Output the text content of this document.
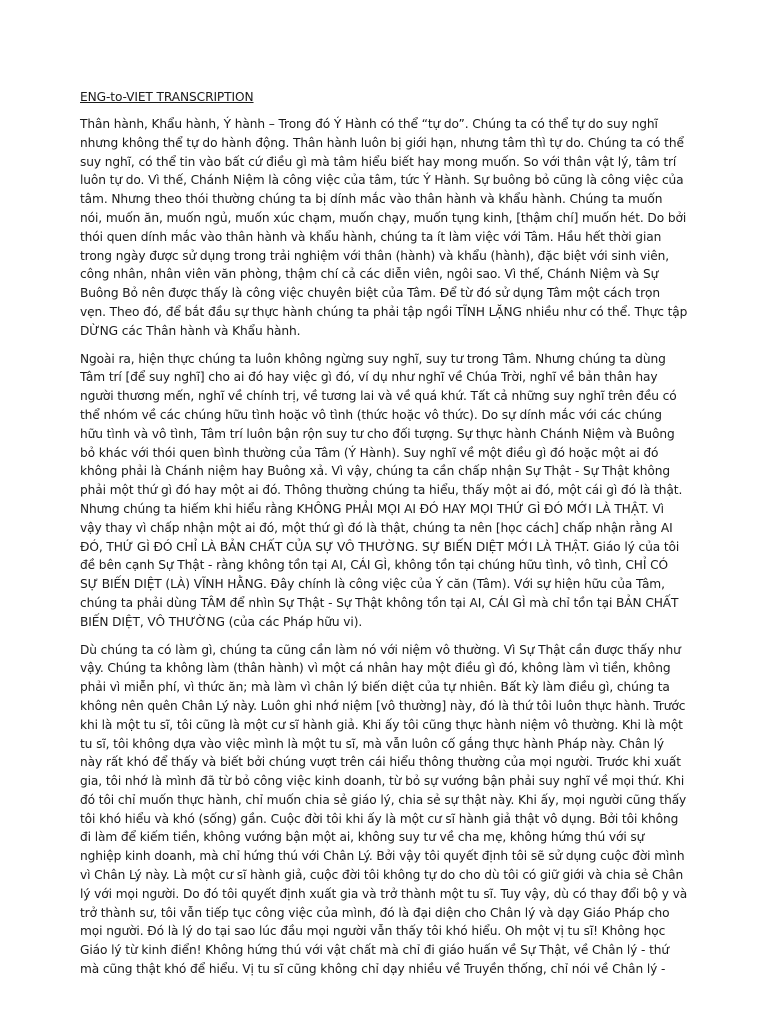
ENG-to-VIET TRANSCRIPTION

Thân hành, Khẩu hành, Ý hành – Trong đó Ý Hành có thể “tự do”. Chúng ta có thể tự do suy nghĩ nhưng không thể tự do hành động. Thân hành luôn bị giới hạn, nhưng tâm thì tự do. Chúng ta có thể suy nghĩ, có thể tin vào bất cứ điều gì mà tâm hiểu biết hay mong muốn. So với thân vật lý, tâm trí luôn tự do. Vì thế, Chánh Niệm là công việc của tâm, tức Ý Hành. Sự buông bỏ cũng là công việc của tâm. Nhưng theo thói thường chúng ta bị dính mắc vào thân hành và khẩu hành. Chúng ta muốn nói, muốn ăn, muốn ngủ, muốn xúc chạm, muốn chạy, muốn tụng kinh, [thậm chí] muốn hét. Do bởi thói quen dính mắc vào thân hành và khẩu hành, chúng ta ít làm việc với Tâm. Hầu hết thời gian trong ngày được sử dụng trong trải nghiệm với thân (hành) và khẩu (hành), đặc biệt với sinh viên, công nhân, nhân viên văn phòng, thậm chí cả các diễn viên, ngôi sao. Vì thế, Chánh Niệm và Sự Buông Bỏ nên được thấy là công việc chuyên biệt của Tâm. Để từ đó sử dụng Tâm một cách trọn vẹn. Theo đó, để bắt đầu sự thực hành chúng ta phải tập ngồi TĨNH LẶNG nhiều như có thể. Thực tập DỪNG các Thân hành và Khẩu hành.

Ngoài ra, hiện thực chúng ta luôn không ngừng suy nghĩ, suy tư trong Tâm. Nhưng chúng ta dùng Tâm trí [để suy nghĩ] cho ai đó hay việc gì đó, ví dụ như nghĩ về Chúa Trời, nghĩ về bản thân hay người thương mến, nghĩ về chính trị, về tương lai và về quá khứ. Tất cả những suy nghĩ trên đều có thể nhóm về các chúng hữu tình hoặc vô tình (thức hoặc vô thức). Do sự dính mắc với các chúng hữu tình và vô tình, Tâm trí luôn bận rộn suy tư cho đối tượng. Sự thực hành Chánh Niệm và Buông bỏ khác với thói quen bình thường của Tâm (Ý Hành). Suy nghĩ về một điều gì đó hoặc một ai đó không phải là Chánh niệm hay Buông xả. Vì vậy, chúng ta cần chấp nhận Sự Thật - Sự Thật không phải một thứ gì đó hay một ai đó. Thông thường chúng ta hiểu, thấy một ai đó, một cái gì đó là thật. Nhưng chúng ta hiếm khi hiểu rằng KHÔNG PHẢI MỌI AI ĐÓ HAY MỌI THỨ GÌ ĐÓ MỚI LÀ THẬT. Vì vậy thay vì chấp nhận một ai đó, một thứ gì đó là thật, chúng ta nên [học cách] chấp nhận rằng AI ĐÓ, THỨ GÌ ĐÓ CHỈ LÀ BẢN CHẤT CỦA SỰ VÔ THƯỜNG. SỰ BIẾN DIỆT MỚI LÀ THẬT. Giáo lý của tôi đề bên cạnh Sự Thật - rằng không tồn tại AI, CÁI GÌ, không tồn tại chúng hữu tình, vô tình, CHỈ CÓ SỰ BIẾN DIỆT (LÀ) VĨNH HẰNG. Đây chính là công việc của Ý căn (Tâm). Với sự hiện hữu của Tâm, chúng ta phải dùng TÂM để nhìn Sự Thật - Sự Thật không tồn tại AI, CÁI GÌ mà chỉ tồn tại BẢN CHẤT BIẾN DIỆT, VÔ THƯỜNG (của các Pháp hữu vi).

Dù chúng ta có làm gì, chúng ta cũng cần làm nó với niệm vô thường. Vì Sự Thật cần được thấy như vậy. Chúng ta không làm (thân hành) vì một cá nhân hay một điều gì đó, không làm vì tiền, không phải vì miễn phí, vì thức ăn; mà làm vì chân lý biến diệt của tự nhiên. Bất kỳ làm điều gì, chúng ta không nên quên Chân Lý này. Luôn ghi nhớ niệm [vô thường] này, đó là thứ tôi luôn thực hành. Trước khi là một tu sĩ, tôi cũng là một cư sĩ hành giả. Khi ấy tôi cũng thực hành niệm vô thường. Khi là một tu sĩ, tôi không dựa vào việc mình là một tu sĩ, mà vẫn luôn cố gắng thực hành Pháp này. Chân lý này rất khó để thấy và biết bởi chúng vượt trên cái hiểu thông thường của mọi người. Trước khi xuất gia, tôi nhớ là mình đã từ bỏ công việc kinh doanh, từ bỏ sự vướng bận phải suy nghĩ về mọi thứ. Khi đó tôi chỉ muốn thực hành, chỉ muốn chia sẻ giáo lý, chia sẻ sự thật này. Khi ấy, mọi người cũng thấy tôi khó hiểu và khó (sống) gần. Cuộc đời tôi khi ấy là một cư sĩ hành giả thật vô dụng. Bởi tôi không đi làm để kiếm tiền, không vướng bận một ai, không suy tư về cha mẹ, không hứng thú với sự nghiệp kinh doanh, mà chỉ hứng thú với Chân Lý. Bởi vậy tôi quyết định tôi sẽ sử dụng cuộc đời mình vì Chân Lý này. Là một cư sĩ hành giả, cuộc đời tôi không tự do cho dù tôi có giữ giới và chia sẻ Chân lý với mọi người. Do đó tôi quyết định xuất gia và trở thành một tu sĩ. Tuy vậy, dù có thay đổi bộ y và trở thành sư, tôi vẫn tiếp tục công việc của mình, đó là đại diện cho Chân lý và dạy Giáo Pháp cho mọi người. Đó là lý do tại sao lúc đầu mọi người vẫn thấy tôi khó hiểu. Oh một vị tu sĩ! Không học Giáo lý từ kinh điển! Không hứng thú với vật chất mà chỉ đi giáo huấn về Sự Thật, về Chân lý - thứ mà cũng thật khó để hiểu. Vị tu sĩ cũng không chỉ dạy nhiều về Truyền thống, chỉ nói về Chân lý -
